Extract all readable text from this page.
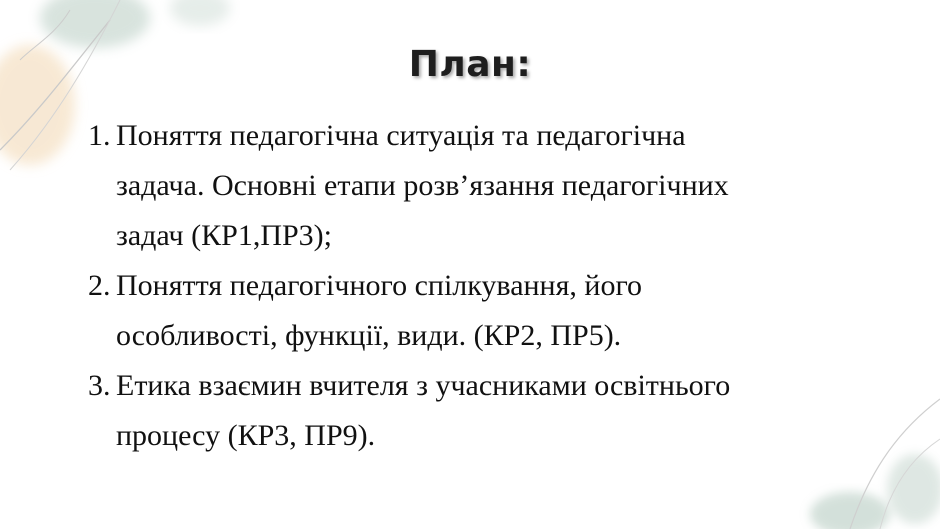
План:
1. Поняття педагогічна ситуація та педагогічна
задача. Основні етапи розв’язання педагогічних
задач (КР1,ПР3);
2. Поняття педагогічного спілкування, його
особливості, функції, види. (КР2, ПР5).
3. Етика взаємин вчителя з учасниками освітнього
процесу (КР3, ПР9).
